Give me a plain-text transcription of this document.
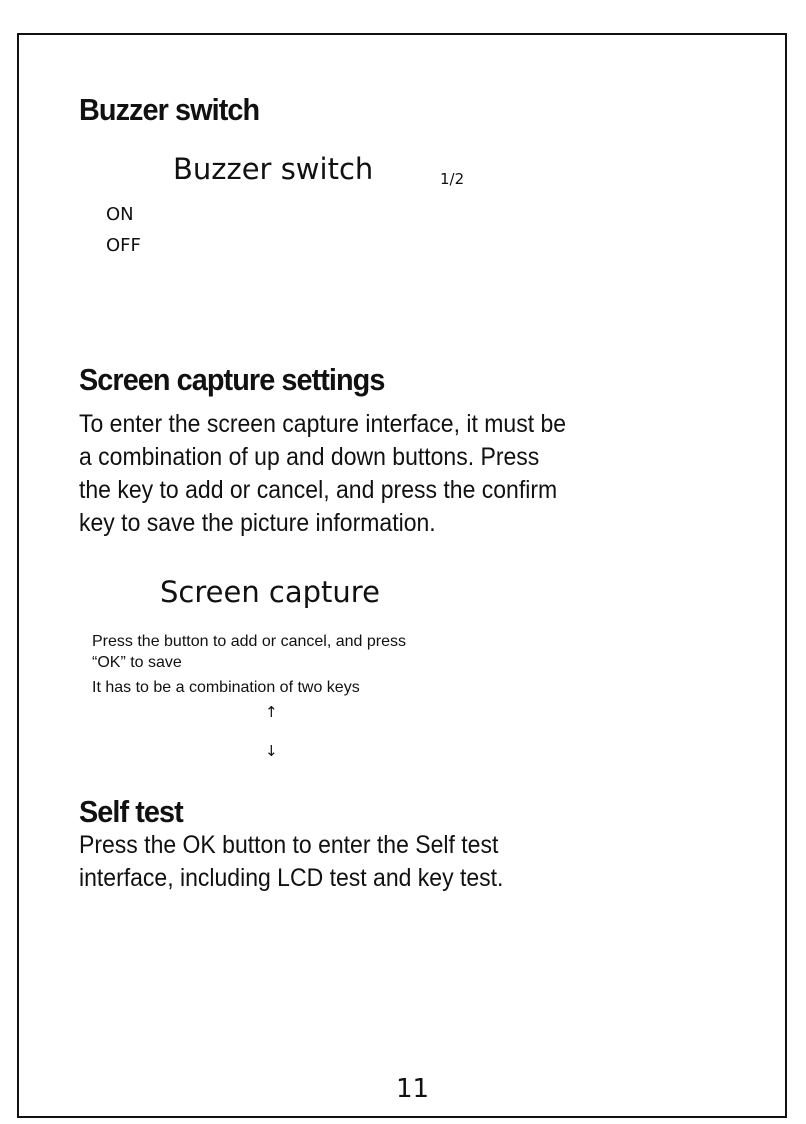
Buzzer switch
Buzzer switch	1/2
ON
OFF
Screen capture settings
To enter the screen capture interface, it must be
a combination of up and down buttons. Press
the key to add or cancel, and press the confirm
key to save the picture information.
Screen capture
Press the button to add or cancel, and press
“OK” to save
It has to be a combination of two keys
↑
↓
Self test
Press the OK button to enter the Self test
interface, including LCD test and key test.
11
